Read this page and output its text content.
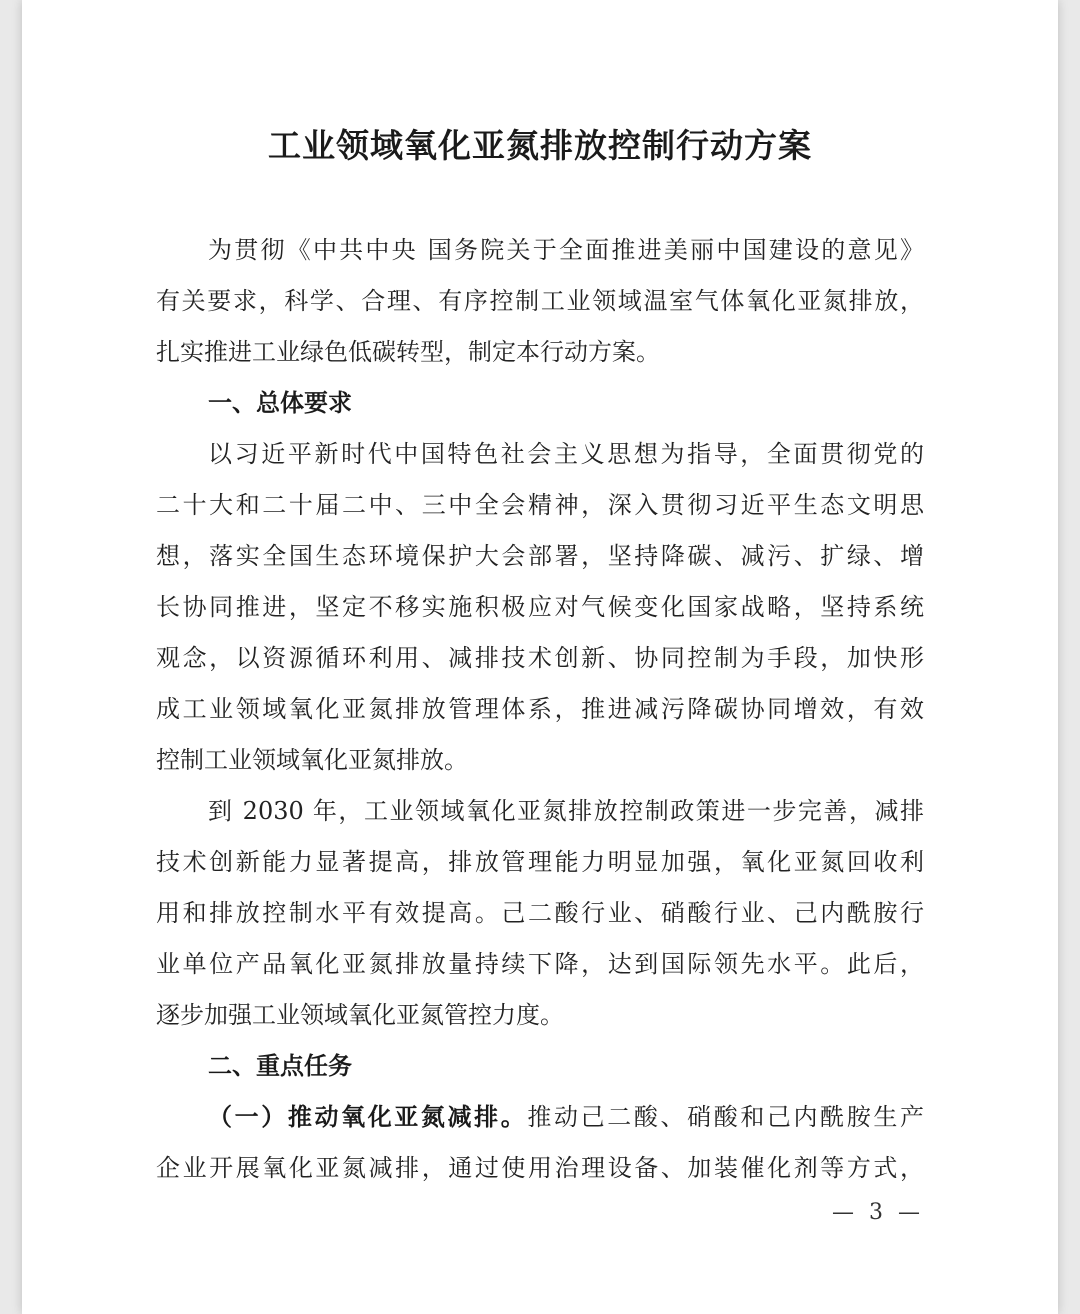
工业领域氧化亚氮排放控制行动方案
为贯彻《中共中央 国务院关于全面推进美丽中国建设的意见》
有关要求，科学、合理、有序控制工业领域温室气体氧化亚氮排放，
扎实推进工业绿色低碳转型，制定本行动方案。
一、总体要求
以习近平新时代中国特色社会主义思想为指导，全面贯彻党的
二十大和二十届二中、三中全会精神，深入贯彻习近平生态文明思
想，落实全国生态环境保护大会部署，坚持降碳、减污、扩绿、增
长协同推进，坚定不移实施积极应对气候变化国家战略，坚持系统
观念，以资源循环利用、减排技术创新、协同控制为手段，加快形
成工业领域氧化亚氮排放管理体系，推进减污降碳协同增效，有效
控制工业领域氧化亚氮排放。
到 2030 年，工业领域氧化亚氮排放控制政策进一步完善，减排
技术创新能力显著提高，排放管理能力明显加强，氧化亚氮回收利
用和排放控制水平有效提高。己二酸行业、硝酸行业、己内酰胺行
业单位产品氧化亚氮排放量持续下降，达到国际领先水平。此后，
逐步加强工业领域氧化亚氮管控力度。
二、重点任务
（一）推动氧化亚氮减排。推动己二酸、硝酸和己内酰胺生产
企业开展氧化亚氮减排，通过使用治理设备、加装催化剂等方式，
— 3 —
